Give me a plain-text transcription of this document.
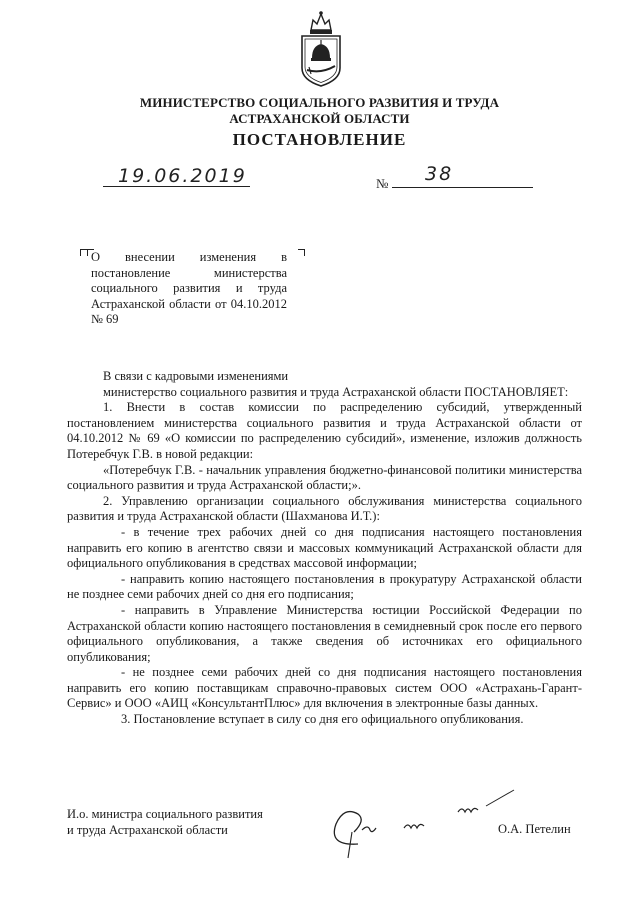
МИНИСТЕРСТВО СОЦИАЛЬНОГО РАЗВИТИЯ И ТРУДА
АСТРАХАНСКОЙ ОБЛАСТИ
ПОСТАНОВЛЕНИЕ
19.06.2019	№ 38
О внесении изменения в постановление министерства социального развития и труда Астраханской области от 04.10.2012 № 69

В связи с кадровыми изменениями

министерство социального развития и труда Астраханской области ПОСТАНОВЛЯЕТ:

1. Внести в состав комиссии по распределению субсидий, утвержденный постановлением министерства социального развития и труда Астраханской области от 04.10.2012 № 69 «О комиссии по распределению субсидий», изменение, изложив должность Потеребчук Г.В. в новой редакции:

«Потеребчук Г.В. - начальник управления бюджетно-финансовой политики министерства социального развития и труда Астраханской области;».

2. Управлению организации социального обслуживания министерства социального развития и труда Астраханской области (Шахманова И.Т.):

- в течение трех рабочих дней со дня подписания настоящего постановления направить его копию в агентство связи и массовых коммуникаций Астраханской области для официального опубликования в средствах массовой информации;

- направить копию настоящего постановления в прокуратуру Астраханской области не позднее семи рабочих дней со дня его подписания;

- направить в Управление Министерства юстиции Российской Федерации по Астраханской области копию настоящего постановления в семидневный срок после его первого официального опубликования, а также сведения об источниках его официального опубликования;

- не позднее семи рабочих дней со дня подписания настоящего постановления направить его копию поставщикам справочно-правовых систем ООО «Астрахань-Гарант-Сервис» и ООО «АИЦ «КонсультантПлюс» для включения в электронные базы данных.

3. Постановление вступает в силу со дня его официального опубликования.

И.о. министра социального развития
и труда Астраханской области	О.А. Петелин
